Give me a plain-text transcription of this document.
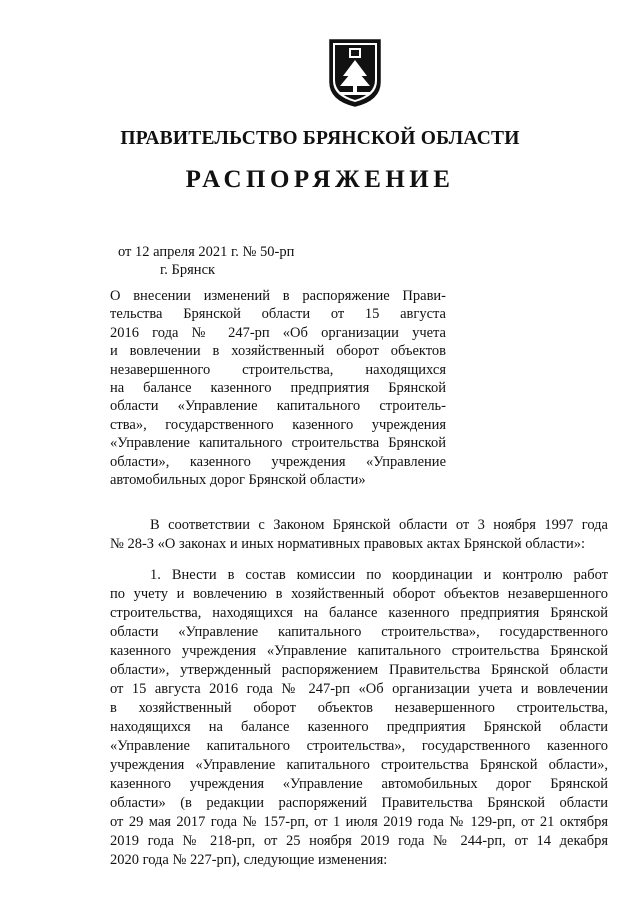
ПРАВИТЕЛЬСТВО БРЯНСКОЙ ОБЛАСТИ
РАСПОРЯЖЕНИЕ
от 12 апреля 2021 г. № 50-рп
г. Брянск
О внесении изменений в распоряжение Прави-
тельства Брянской области от 15 августа
2016 года № 247-рп «Об организации учета
и вовлечении в хозяйственный оборот объектов
незавершенного строительства, находящихся
на балансе казенного предприятия Брянской
области «Управление капитального строитель-
ства», государственного казенного учреждения
«Управление капитального строительства Брянской
области», казенного учреждения «Управление
автомобильных дорог Брянской области»
В соответствии с Законом Брянской области от 3 ноября 1997 года
№ 28-З «О законах и иных нормативных правовых актах Брянской области»:
1. Внести в состав комиссии по координации и контролю работ
по учету и вовлечению в хозяйственный оборот объектов незавершенного
строительства, находящихся на балансе казенного предприятия Брянской
области «Управление капитального строительства», государственного
казенного учреждения «Управление капитального строительства Брянской
области», утвержденный распоряжением Правительства Брянской области
от 15 августа 2016 года № 247-рп «Об организации учета и вовлечении
в хозяйственный оборот объектов незавершенного строительства,
находящихся на балансе казенного предприятия Брянской области
«Управление капитального строительства», государственного казенного
учреждения «Управление капитального строительства Брянской области»,
казенного учреждения «Управление автомобильных дорог Брянской
области» (в редакции распоряжений Правительства Брянской области
от 29 мая 2017 года № 157-рп, от 1 июля 2019 года № 129-рп, от 21 октября
2019 года № 218-рп, от 25 ноября 2019 года № 244-рп, от 14 декабря
2020 года № 227-рп), следующие изменения:
